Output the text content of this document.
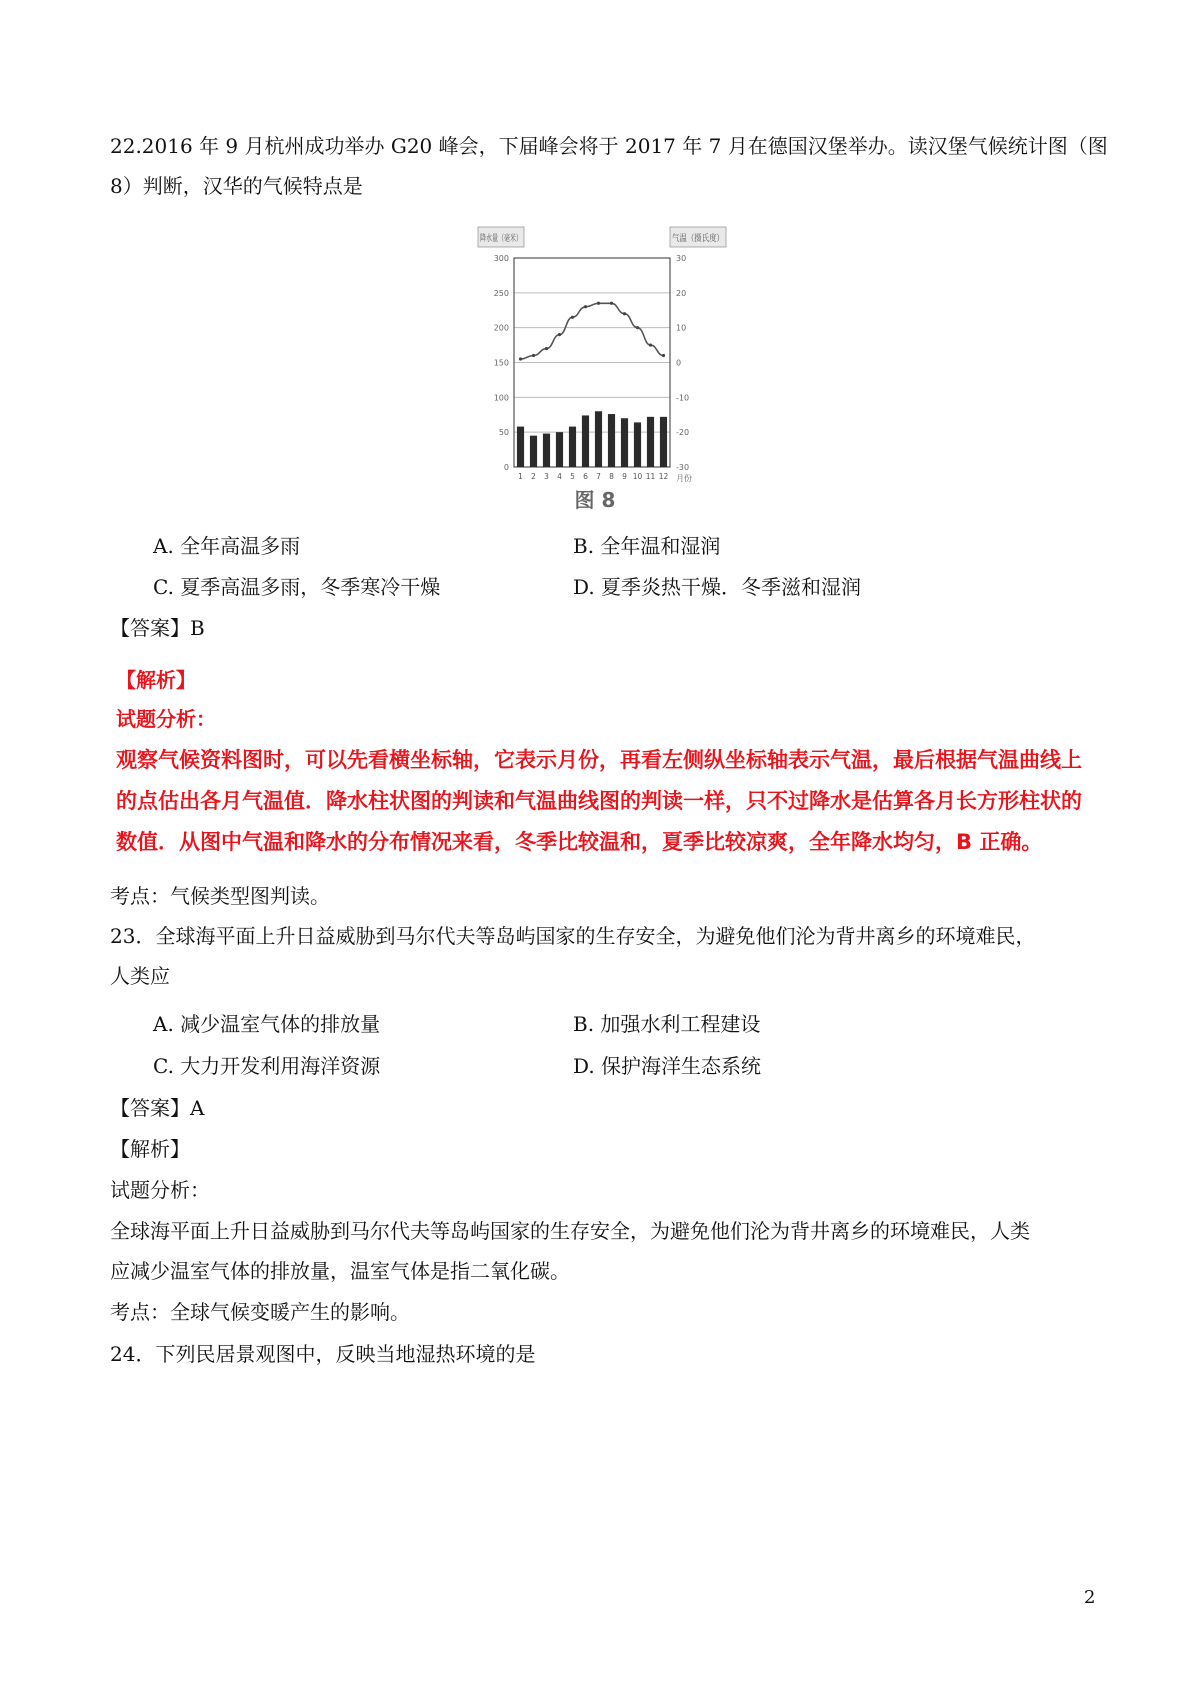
22.2016 年 9 月杭州成功举办 G20 峰会，下届峰会将于 2017 年 7 月在德国汉堡举办。读汉堡气候统计图（图
8）判断，汉华的气候特点是
降水量（毫米）	气温（摄氏度）
0
50
100
150
200
250
300
-30
-20
-10
0
10
20
30
1 2 3 4 5 6 7 8 9 10 11 12 月份
图 8
A. 全年高温多雨	B. 全年温和湿润
C. 夏季高温多雨，冬季寒冷干燥	D. 夏季炎热干燥．冬季滋和湿润
【答案】B
【解析】
试题分析：
观察气候资料图时，可以先看横坐标轴，它表示月份，再看左侧纵坐标轴表示气温，最后根据气温曲线上
的点估出各月气温值．降水柱状图的判读和气温曲线图的判读一样，只不过降水是估算各月长方形柱状的
数值．从图中气温和降水的分布情况来看，冬季比较温和，夏季比较凉爽，全年降水均匀，B 正确。
考点：气候类型图判读。
23．全球海平面上升日益威胁到马尔代夫等岛屿国家的生存安全，为避免他们沦为背井离乡的环境难民，
人类应
A. 减少温室气体的排放量	B. 加强水利工程建设
C. 大力开发利用海洋资源	D. 保护海洋生态系统
【答案】A
【解析】
试题分析：
全球海平面上升日益威胁到马尔代夫等岛屿国家的生存安全，为避免他们沦为背井离乡的环境难民，人类
应减少温室气体的排放量，温室气体是指二氧化碳。
考点：全球气候变暖产生的影响。
24．下列民居景观图中，反映当地湿热环境的是
2
